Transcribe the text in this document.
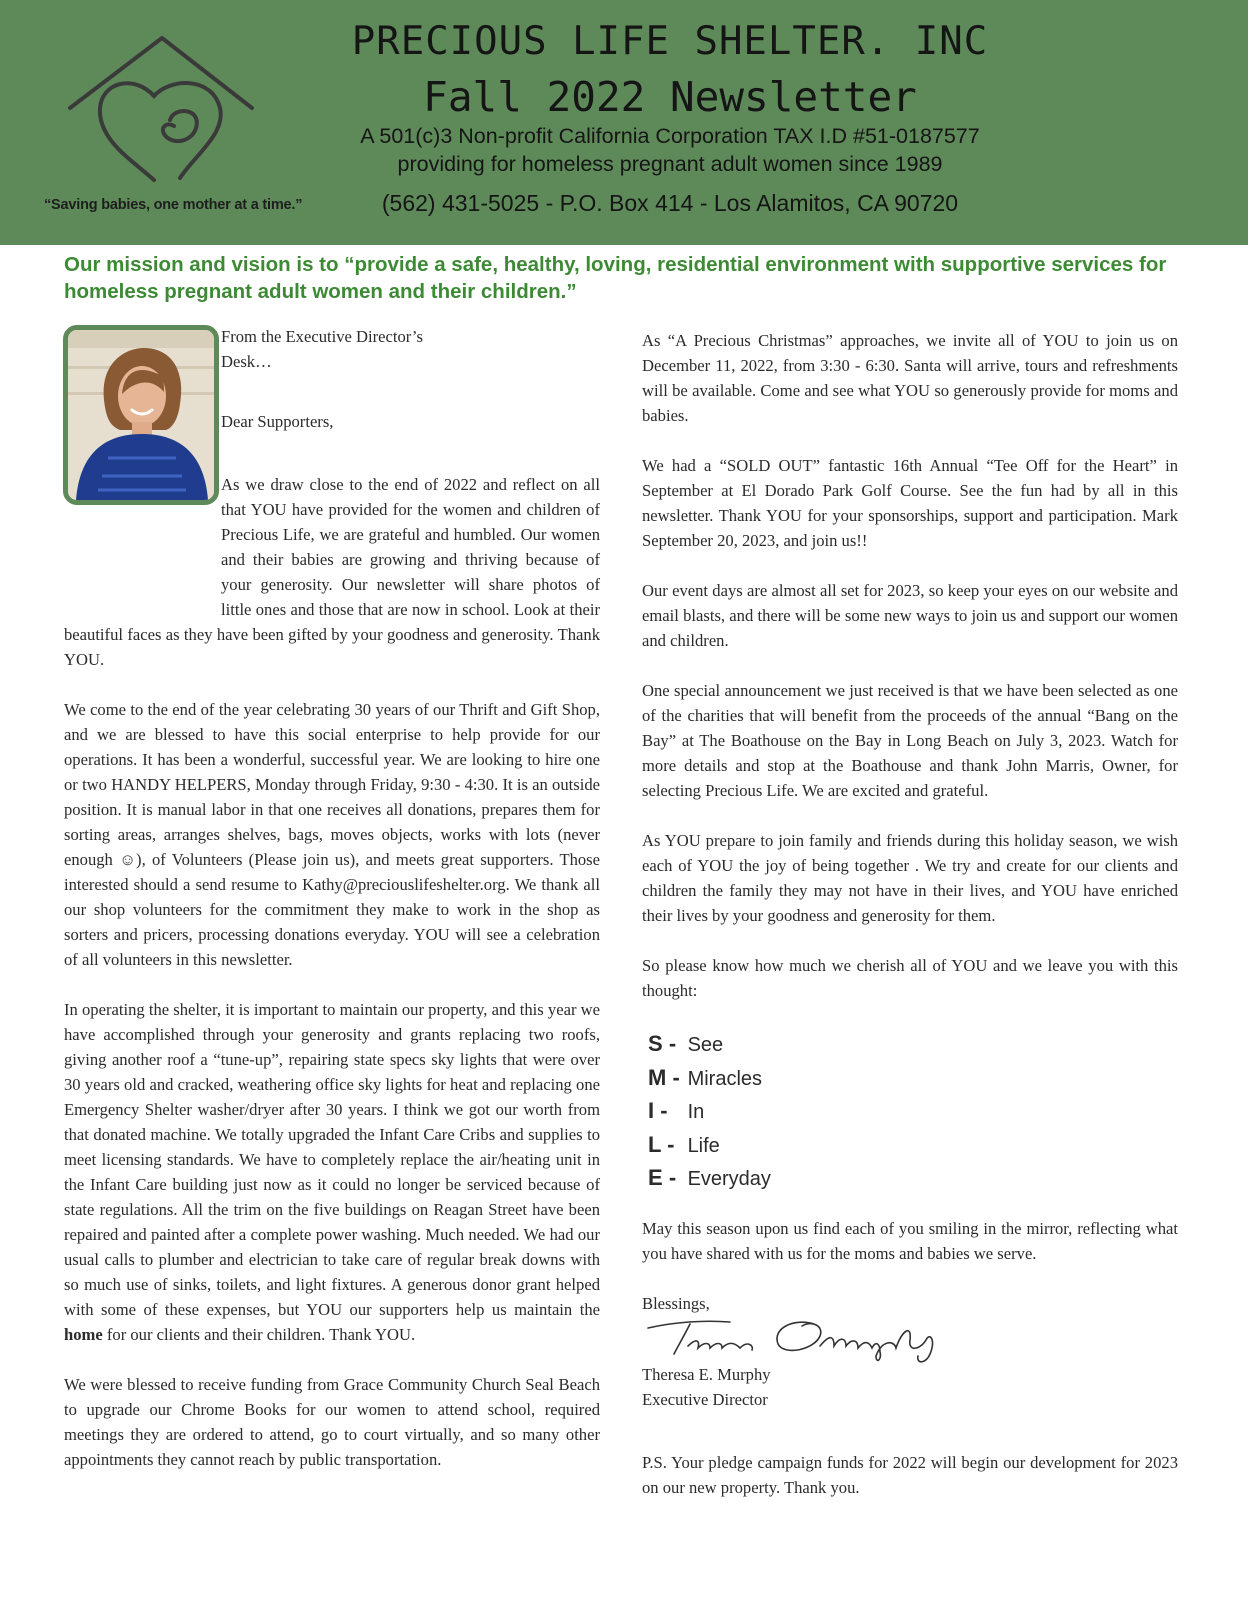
“Saving babies, one mother at a time.”
PRECIOUS LIFE SHELTER. INC
Fall 2022 Newsletter
A 501(c)3 Non-profit California Corporation TAX I.D #51-0187577
providing for homeless pregnant adult women since 1989
(562) 431-5025 - P.O. Box 414 - Los Alamitos, CA 90720
Our mission and vision is to “provide a safe, healthy, loving, residential environment with supportive services for homeless pregnant adult women and their children.”
From the Executive Director’s
Desk…
Dear Supporters,

As we draw close to the end of 2022 and reflect on all that YOU have provided for the women and children of Precious Life, we are grateful and humbled. Our women and their babies are growing and thriving because of your generosity. Our newsletter will share photos of little ones and those that are now in school. Look at their beautiful faces as they have been gifted by your goodness and generosity. Thank YOU.

We come to the end of the year celebrating 30 years of our Thrift and Gift Shop, and we are blessed to have this social enterprise to help provide for our operations. It has been a wonderful, successful year. We are looking to hire one or two HANDY HELPERS, Monday through Friday, 9:30 - 4:30. It is an outside position. It is manual labor in that one receives all donations, prepares them for sorting areas, arranges shelves, bags, moves objects, works with lots (never enough ☺), of Volunteers (Please join us), and meets great supporters. Those interested should a send resume to Kathy@preciouslifeshelter.org. We thank all our shop volunteers for the commitment they make to work in the shop as sorters and pricers, processing donations everyday. YOU will see a celebration of all volunteers in this newsletter.

In operating the shelter, it is important to maintain our property, and this year we have accomplished through your generosity and grants replacing two roofs, giving another roof a “tune-up”, repairing state specs sky lights that were over 30 years old and cracked, weathering office sky lights for heat and replacing one Emergency Shelter washer/dryer after 30 years. I think we got our worth from that donated machine. We totally upgraded the Infant Care Cribs and supplies to meet licensing standards. We have to completely replace the air/heating unit in the Infant Care building just now as it could no longer be serviced because of state regulations. All the trim on the five buildings on Reagan Street have been repaired and painted after a complete power washing. Much needed. We had our usual calls to plumber and electrician to take care of regular break downs with so much use of sinks, toilets, and light fixtures. A generous donor grant helped with some of these expenses, but YOU our supporters help us maintain the home for our clients and their children. Thank YOU.

We were blessed to receive funding from Grace Community Church Seal Beach to upgrade our Chrome Books for our women to attend school, required meetings they are ordered to attend, go to court virtually, and so many other appointments they cannot reach by public transportation.

As “A Precious Christmas” approaches, we invite all of YOU to join us on December 11, 2022, from 3:30 - 6:30. Santa will arrive, tours and refreshments will be available. Come and see what YOU so generously provide for moms and babies.

We had a “SOLD OUT” fantastic 16th Annual “Tee Off for the Heart” in September at El Dorado Park Golf Course. See the fun had by all in this newsletter. Thank YOU for your sponsorships, support and participation. Mark September 20, 2023, and join us!!

Our event days are almost all set for 2023, so keep your eyes on our website and email blasts, and there will be some new ways to join us and support our women and children.

One special announcement we just received is that we have been selected as one of the charities that will benefit from the proceeds of the annual “Bang on the Bay” at The Boathouse on the Bay in Long Beach on July 3, 2023. Watch for more details and stop at the Boathouse and thank John Marris, Owner, for selecting Precious Life. We are excited and grateful.

As YOU prepare to join family and friends during this holiday season, we wish each of YOU the joy of being together . We try and create for our clients and children the family they may not have in their lives, and YOU have enriched their lives by your goodness and generosity for them.

So please know how much we cherish all of YOU and we leave you with this thought:

S - See
M - Miracles
I - In
L - Life
E - Everyday

May this season upon us find each of you smiling in the mirror, reflecting what you have shared with us for the moms and babies we serve.

Blessings,
Theresa E. Murphy
Executive Director

P.S. Your pledge campaign funds for 2022 will begin our development for 2023 on our new property. Thank you.
